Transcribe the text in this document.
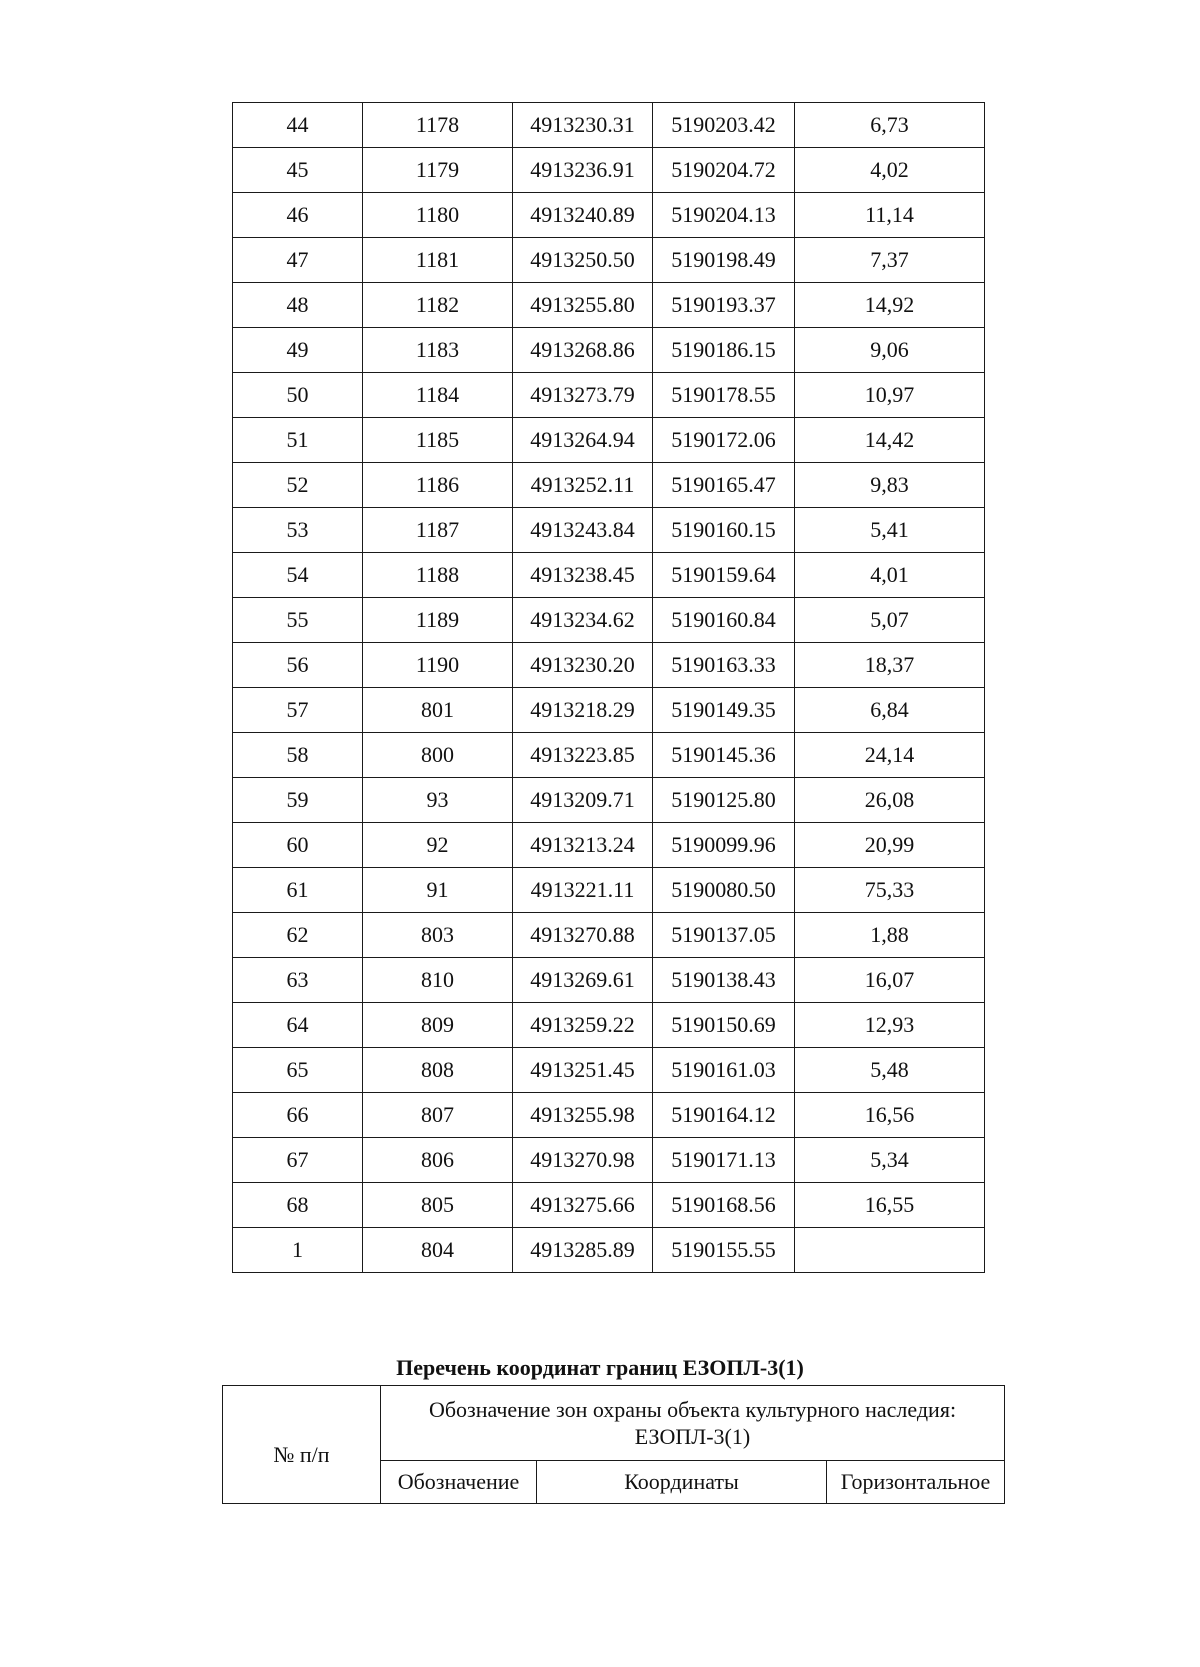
44	1178	4913230.31	5190203.42	6,73
45	1179	4913236.91	5190204.72	4,02
46	1180	4913240.89	5190204.13	11,14
47	1181	4913250.50	5190198.49	7,37
48	1182	4913255.80	5190193.37	14,92
49	1183	4913268.86	5190186.15	9,06
50	1184	4913273.79	5190178.55	10,97
51	1185	4913264.94	5190172.06	14,42
52	1186	4913252.11	5190165.47	9,83
53	1187	4913243.84	5190160.15	5,41
54	1188	4913238.45	5190159.64	4,01
55	1189	4913234.62	5190160.84	5,07
56	1190	4913230.20	5190163.33	18,37
57	801	4913218.29	5190149.35	6,84
58	800	4913223.85	5190145.36	24,14
59	93	4913209.71	5190125.80	26,08
60	92	4913213.24	5190099.96	20,99
61	91	4913221.11	5190080.50	75,33
62	803	4913270.88	5190137.05	1,88
63	810	4913269.61	5190138.43	16,07
64	809	4913259.22	5190150.69	12,93
65	808	4913251.45	5190161.03	5,48
66	807	4913255.98	5190164.12	16,56
67	806	4913270.98	5190171.13	5,34
68	805	4913275.66	5190168.56	16,55
1	804	4913285.89	5190155.55	
Перечень координат границ ЕЗОПЛ-3(1)
№ п/п	Обозначение зон охраны объекта культурного наследия: ЕЗОПЛ-3(1)		
	Обозначение	Координаты	Горизонтальное
